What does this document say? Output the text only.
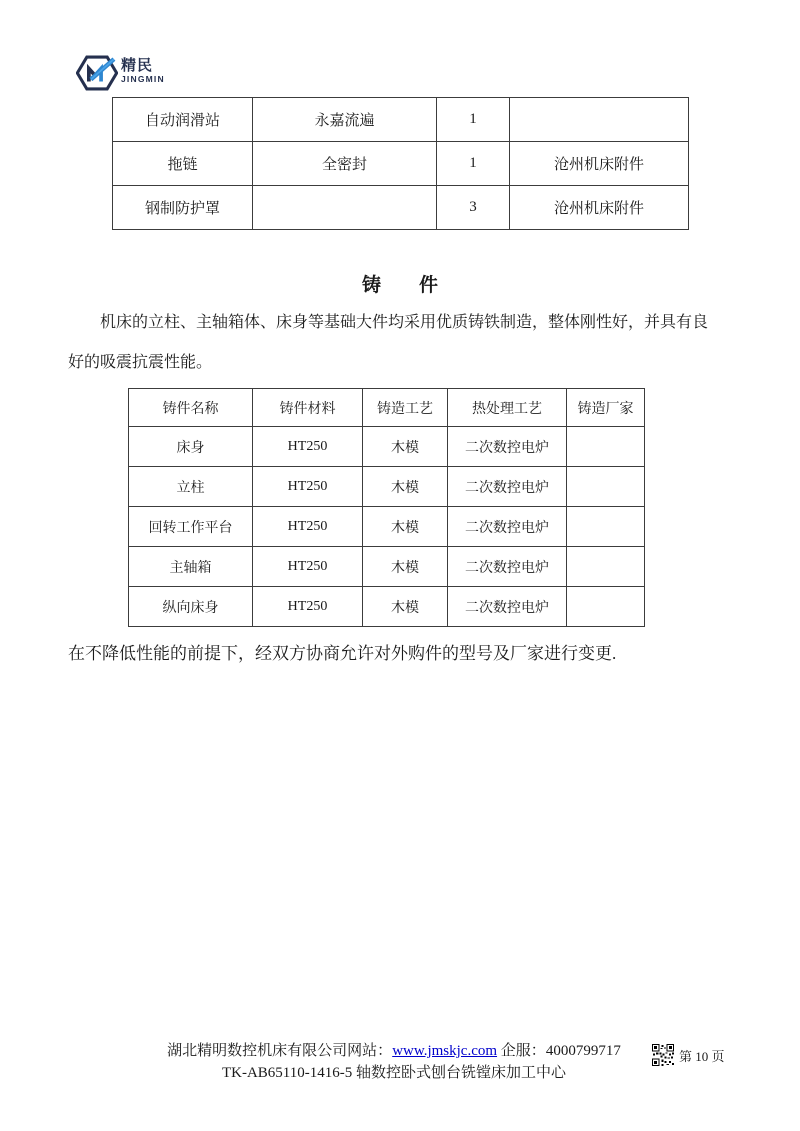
精民
JINGMIN
自动润滑站	永嘉流遍	1	
拖链	全密封	1	沧州机床附件
钢制防护罩		3	沧州机床附件
铸　　件
机床的立柱、主轴箱体、床身等基础大件均采用优质铸铁制造，整体刚性好，并具有良
好的吸震抗震性能。
铸件名称	铸件材料	铸造工艺	热处理工艺	铸造厂家
床身	HT250	木模	二次数控电炉	
立柱	HT250	木模	二次数控电炉	
回转工作平台	HT250	木模	二次数控电炉	
主轴箱	HT250	木模	二次数控电炉	
纵向床身	HT250	木模	二次数控电炉	
在不降低性能的前提下，经双方协商允许对外购件的型号及厂家进行变更.
湖北精明数控机床有限公司网站：www.jmskjc.com 企服：4000799717	第 10 页
TK-AB65110-1416-5 轴数控卧式刨台铣镗床加工中心
